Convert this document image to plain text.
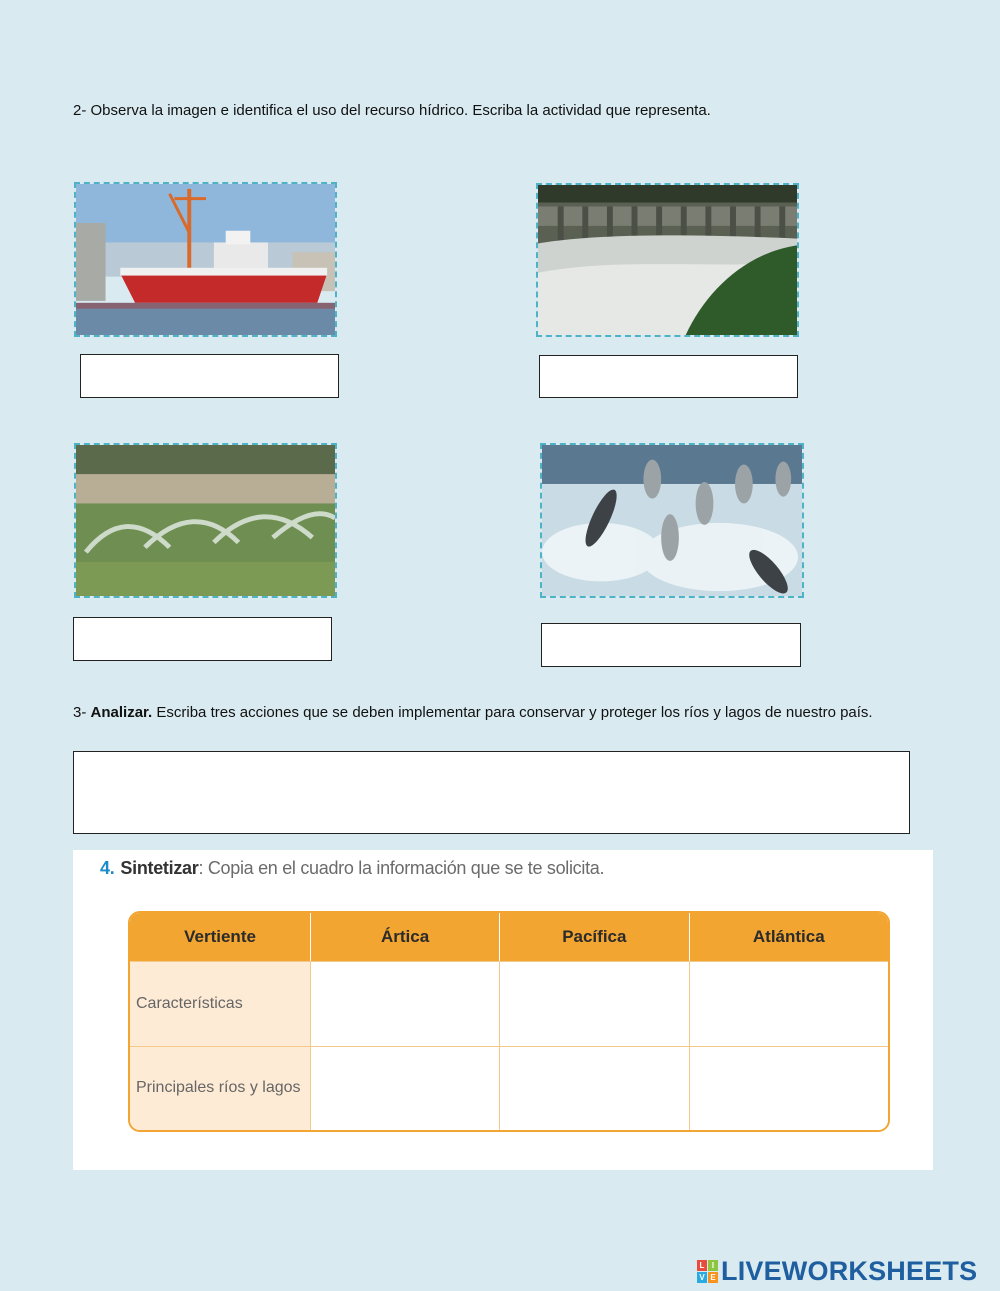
2- Observa la imagen e identifica el uso del recurso hídrico. Escriba la actividad que representa.
3- Analizar. Escriba tres acciones que se deben implementar para conservar y proteger los ríos y lagos de nuestro país.
4. Sintetizar: Copia en el cuadro la información que se te solicita.
Vertiente	Ártica	Pacífica	Atlántica
Características			
Principales ríos y lagos			
L I
V E LIVEWORKSHEETS
